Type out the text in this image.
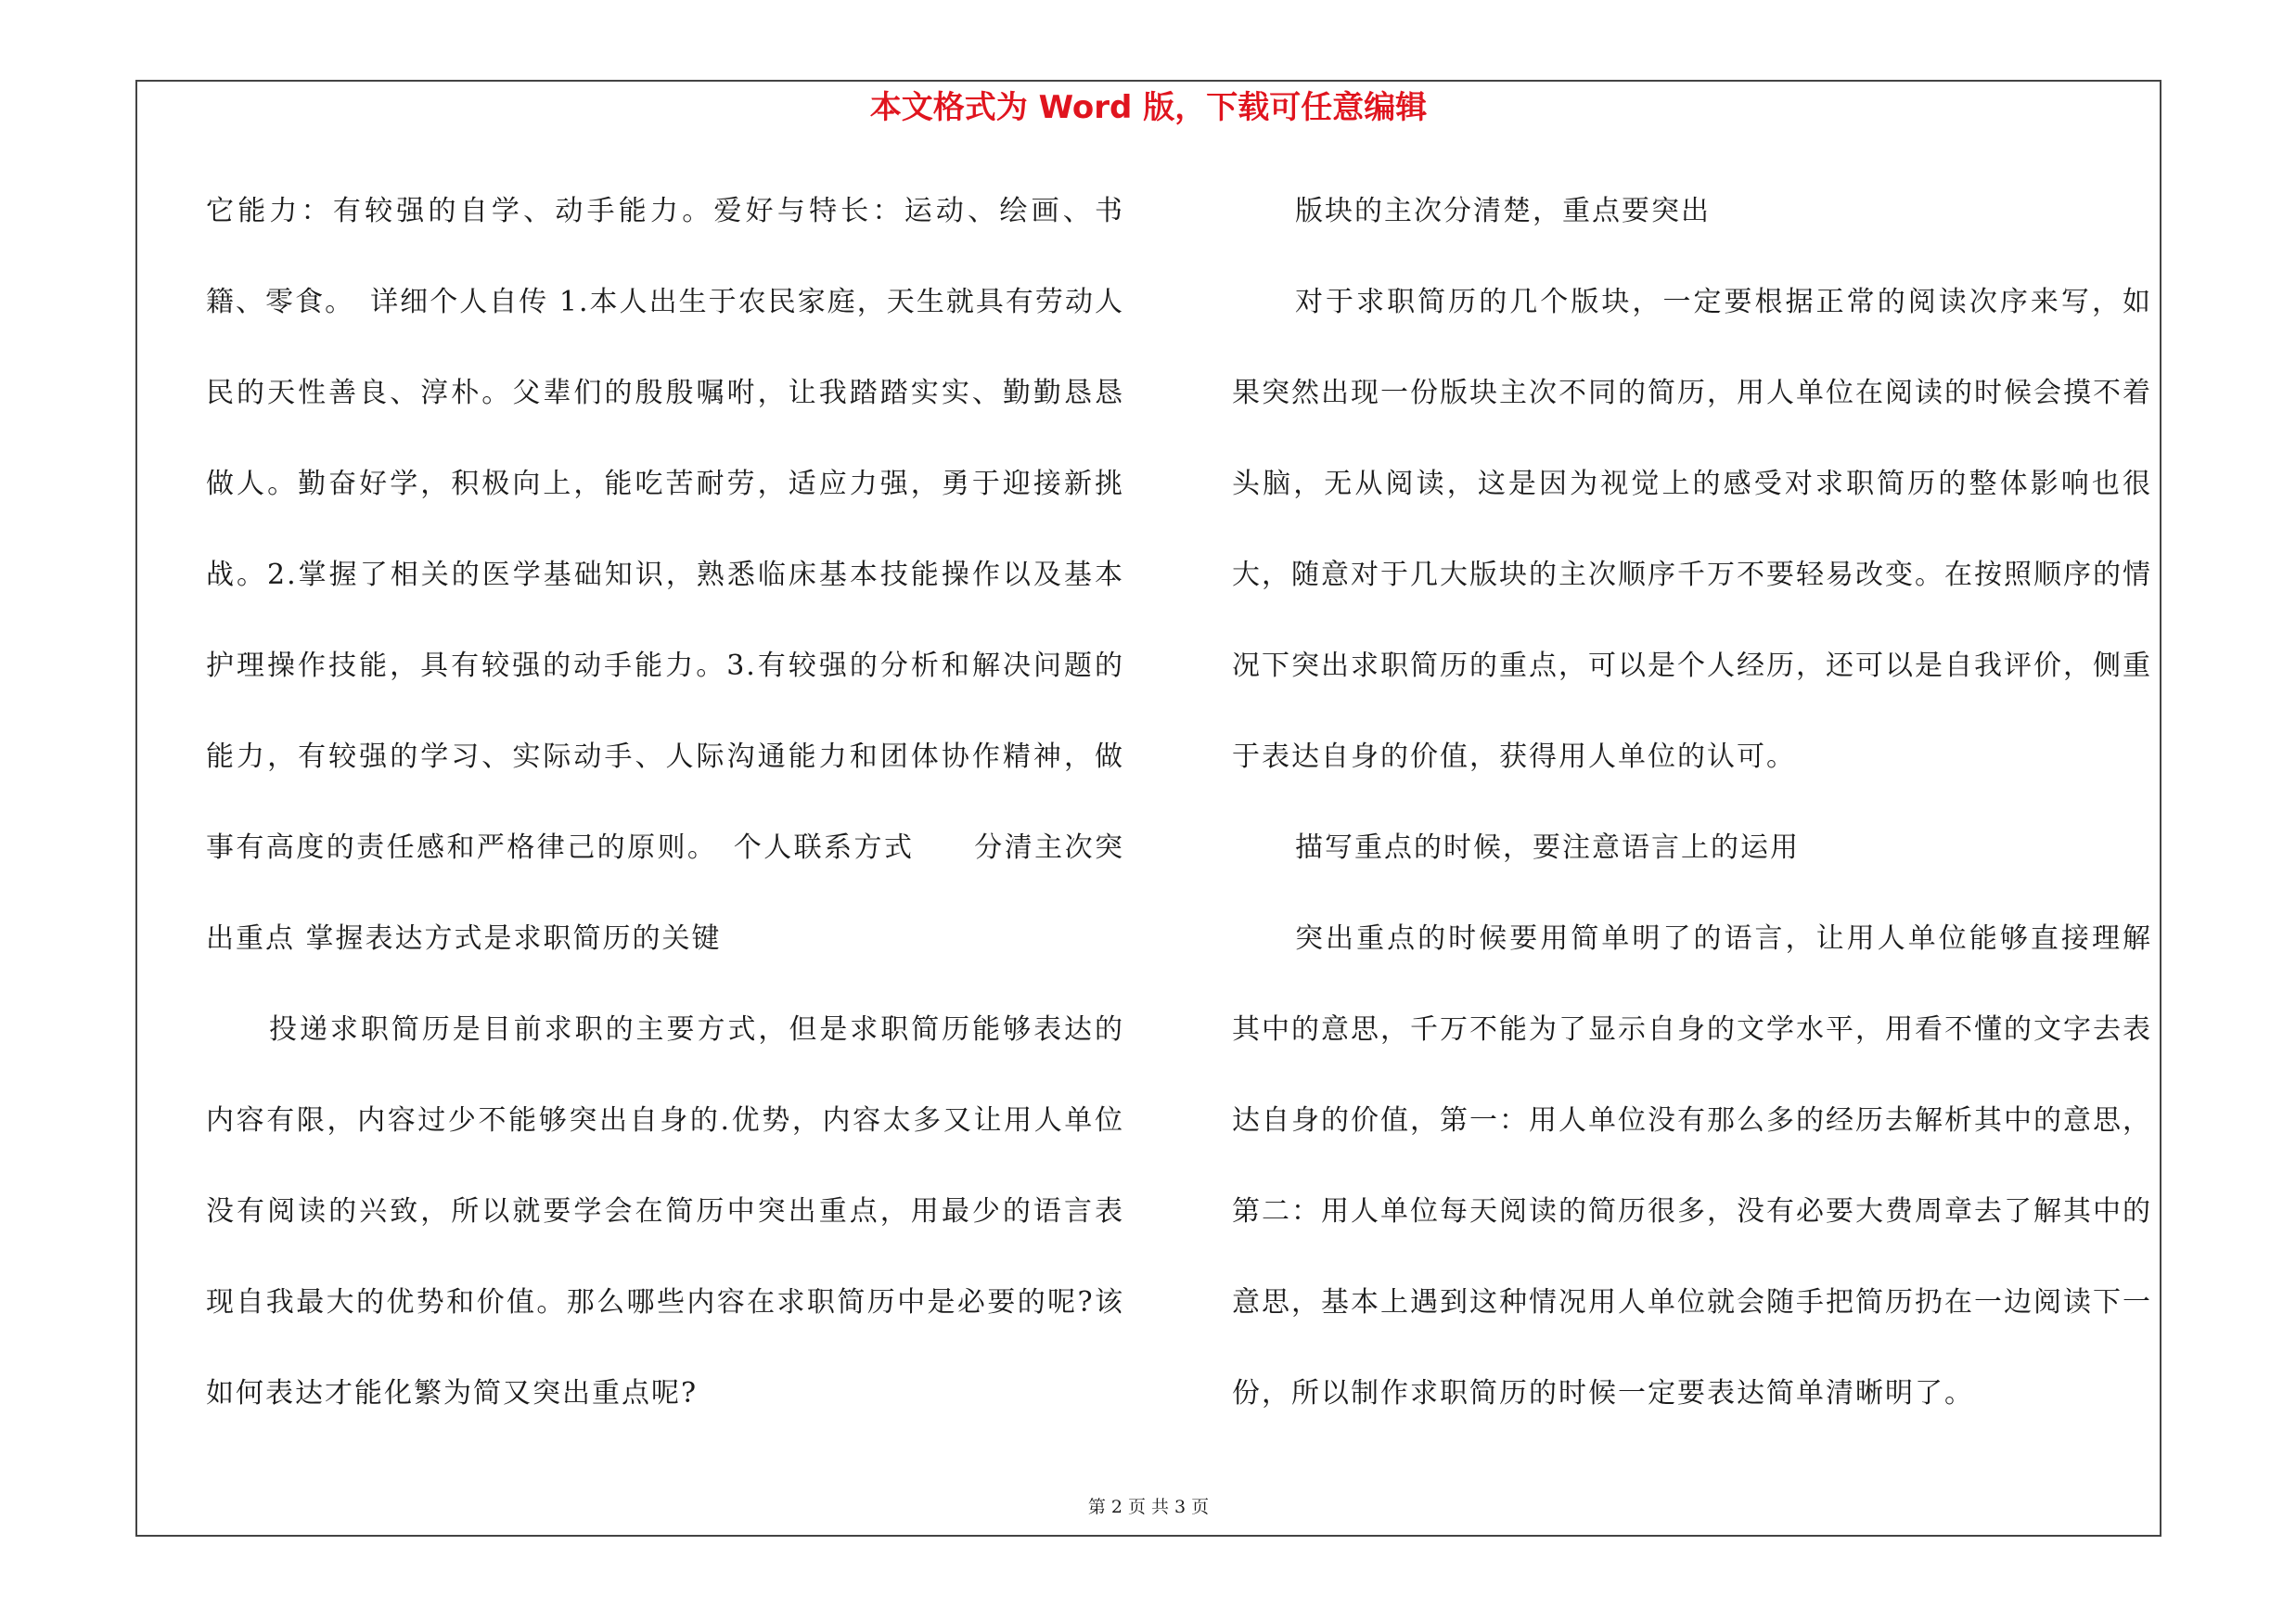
本文格式为 Word 版，下载可任意编辑

它能力：有较强的自学、动手能力。爱好与特长：运动、绘画、书籍、零食。　详细个人自传 1.本人出生于农民家庭，天生就具有劳动人民的天性善良、淳朴。父辈们的殷殷嘱咐，让我踏踏实实、勤勤恳恳做人。勤奋好学，积极向上，能吃苦耐劳，适应力强，勇于迎接新挑战。2.掌握了相关的医学基础知识，熟悉临床基本技能操作以及基本护理操作技能，具有较强的动手能力。3.有较强的分析和解决问题的能力，有较强的学习、实际动手、人际沟通能力和团体协作精神，做事有高度的责任感和严格律己的原则。　个人联系方式　　分清主次突出重点 掌握表达方式是求职简历的关键

投递求职简历是目前求职的主要方式，但是求职简历能够表达的内容有限，内容过少不能够突出自身的.优势，内容太多又让用人单位没有阅读的兴致，所以就要学会在简历中突出重点，用最少的语言表现自我最大的优势和价值。那么哪些内容在求职简历中是必要的呢?该如何表达才能化繁为简又突出重点呢?

版块的主次分清楚，重点要突出

对于求职简历的几个版块，一定要根据正常的阅读次序来写，如果突然出现一份版块主次不同的简历，用人单位在阅读的时候会摸不着头脑，无从阅读，这是因为视觉上的感受对求职简历的整体影响也很大，随意对于几大版块的主次顺序千万不要轻易改变。在按照顺序的情况下突出求职简历的重点，可以是个人经历，还可以是自我评价，侧重于表达自身的价值，获得用人单位的认可。

描写重点的时候，要注意语言上的运用

突出重点的时候要用简单明了的语言，让用人单位能够直接理解其中的意思，千万不能为了显示自身的文学水平，用看不懂的文字去表达自身的价值，第一：用人单位没有那么多的经历去解析其中的意思，第二：用人单位每天阅读的简历很多，没有必要大费周章去了解其中的意思，基本上遇到这种情况用人单位就会随手把简历扔在一边阅读下一份，所以制作求职简历的时候一定要表达简单清晰明了。

第 2 页 共 3 页
